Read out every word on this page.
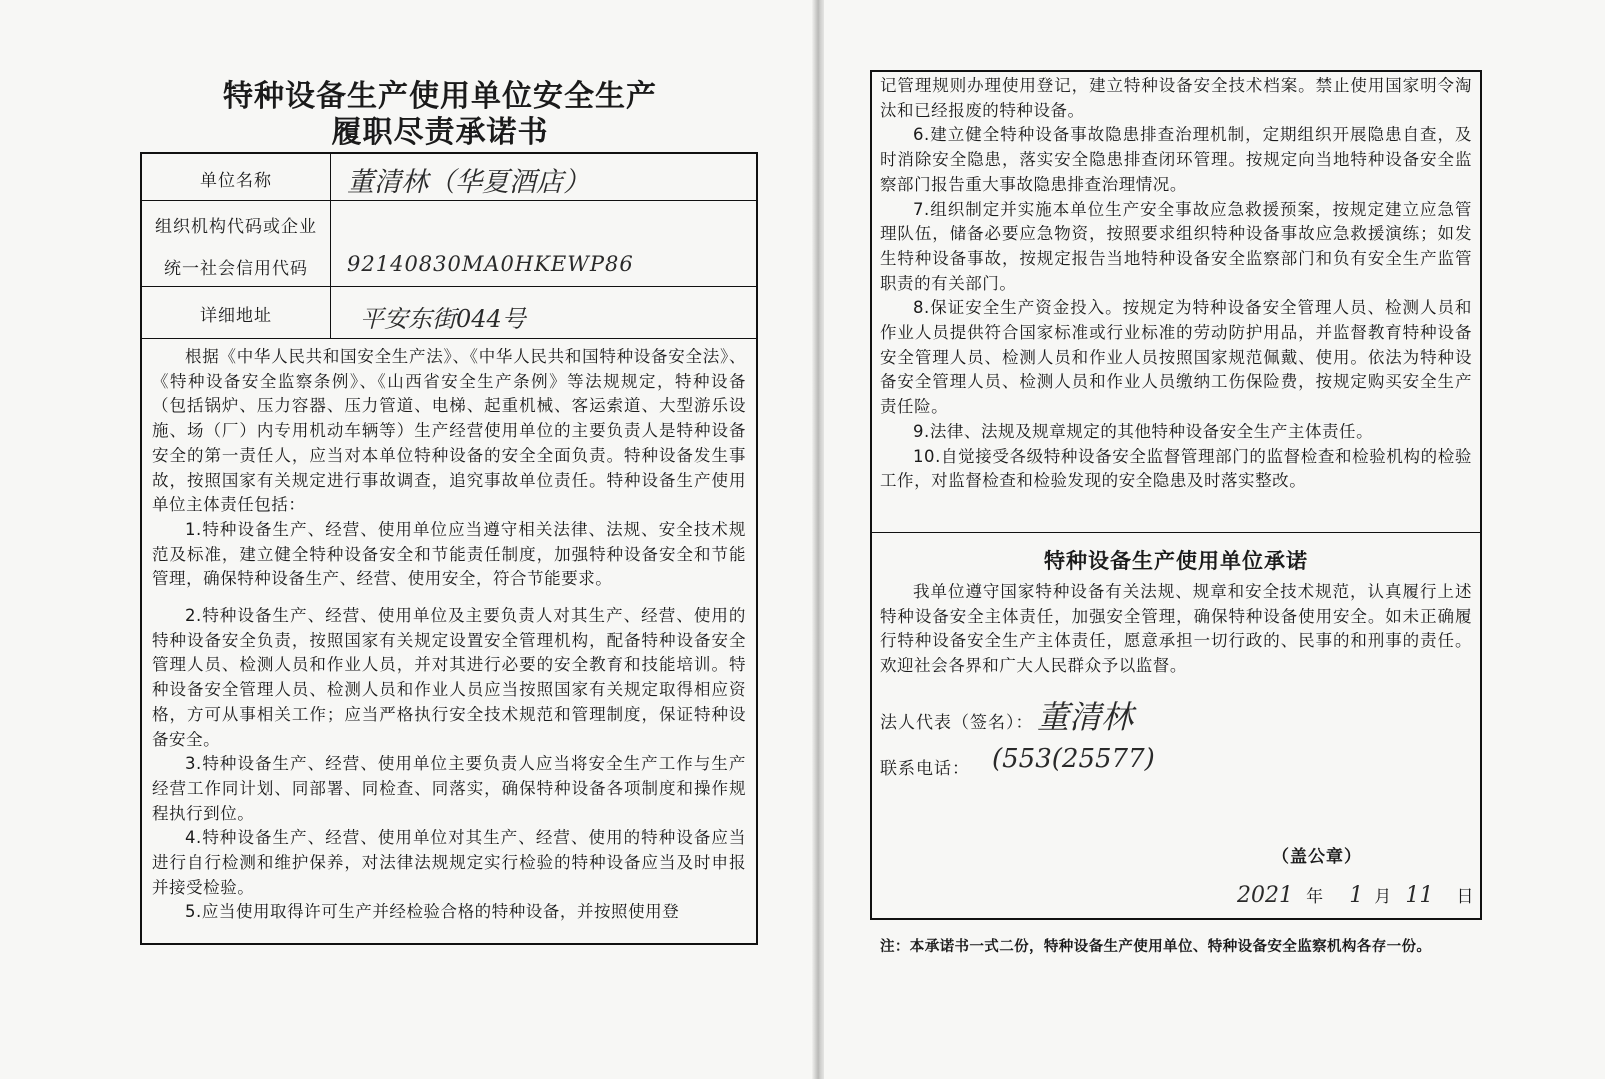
特种设备生产使用单位安全生产
履职尽责承诺书
单位名称	董清林（华夏酒店）
组织机构代码或企业
统一社会信用代码	92140830MA0HKEWP86
详细地址	平安东街044号

根据《中华人民共和国安全生产法》、《中华人民共和国特种设备安全法》、《特种设备安全监察条例》、《山西省安全生产条例》等法规规定，特种设备（包括锅炉、压力容器、压力管道、电梯、起重机械、客运索道、大型游乐设施、场（厂）内专用机动车辆等）生产经营使用单位的主要负责人是特种设备安全的第一责任人，应当对本单位特种设备的安全全面负责。特种设备发生事故，按照国家有关规定进行事故调查，追究事故单位责任。特种设备生产使用单位主体责任包括：

1.特种设备生产、经营、使用单位应当遵守相关法律、法规、安全技术规范及标准，建立健全特种设备安全和节能责任制度，加强特种设备安全和节能管理，确保特种设备生产、经营、使用安全，符合节能要求。

2.特种设备生产、经营、使用单位及主要负责人对其生产、经营、使用的特种设备安全负责，按照国家有关规定设置安全管理机构，配备特种设备安全管理人员、检测人员和作业人员，并对其进行必要的安全教育和技能培训。特种设备安全管理人员、检测人员和作业人员应当按照国家有关规定取得相应资格，方可从事相关工作；应当严格执行安全技术规范和管理制度，保证特种设备安全。

3.特种设备生产、经营、使用单位主要负责人应当将安全生产工作与生产经营工作同计划、同部署、同检查、同落实，确保特种设备各项制度和操作规程执行到位。

4.特种设备生产、经营、使用单位对其生产、经营、使用的特种设备应当进行自行检测和维护保养，对法律法规规定实行检验的特种设备应当及时申报并接受检验。

5.应当使用取得许可生产并经检验合格的特种设备，并按照使用登

记管理规则办理使用登记，建立特种设备安全技术档案。禁止使用国家明令淘汰和已经报废的特种设备。

6.建立健全特种设备事故隐患排查治理机制，定期组织开展隐患自查，及时消除安全隐患，落实安全隐患排查闭环管理。按规定向当地特种设备安全监察部门报告重大事故隐患排查治理情况。

7.组织制定并实施本单位生产安全事故应急救援预案，按规定建立应急管理队伍，储备必要应急物资，按照要求组织特种设备事故应急救援演练；如发生特种设备事故，按规定报告当地特种设备安全监察部门和负有安全生产监管职责的有关部门。

8.保证安全生产资金投入。按规定为特种设备安全管理人员、检测人员和作业人员提供符合国家标准或行业标准的劳动防护用品，并监督教育特种设备安全管理人员、检测人员和作业人员按照国家规范佩戴、使用。依法为特种设备安全管理人员、检测人员和作业人员缴纳工伤保险费，按规定购买安全生产责任险。

9.法律、法规及规章规定的其他特种设备安全生产主体责任。

10.自觉接受各级特种设备安全监督管理部门的监督检查和检验机构的检验工作，对监督检查和检验发现的安全隐患及时落实整改。

特种设备生产使用单位承诺

我单位遵守国家特种设备有关法规、规章和安全技术规范，认真履行上述特种设备安全主体责任，加强安全管理，确保特种设备使用安全。如未正确履行特种设备安全生产主体责任，愿意承担一切行政的、民事的和刑事的责任。欢迎社会各界和广大人民群众予以监督。

法人代表（签名）： 董清林
联系电话： (553(25577)
（盖公章）
2021 年 1 月 11 日
注：本承诺书一式二份，特种设备生产使用单位、特种设备安全监察机构各存一份。
